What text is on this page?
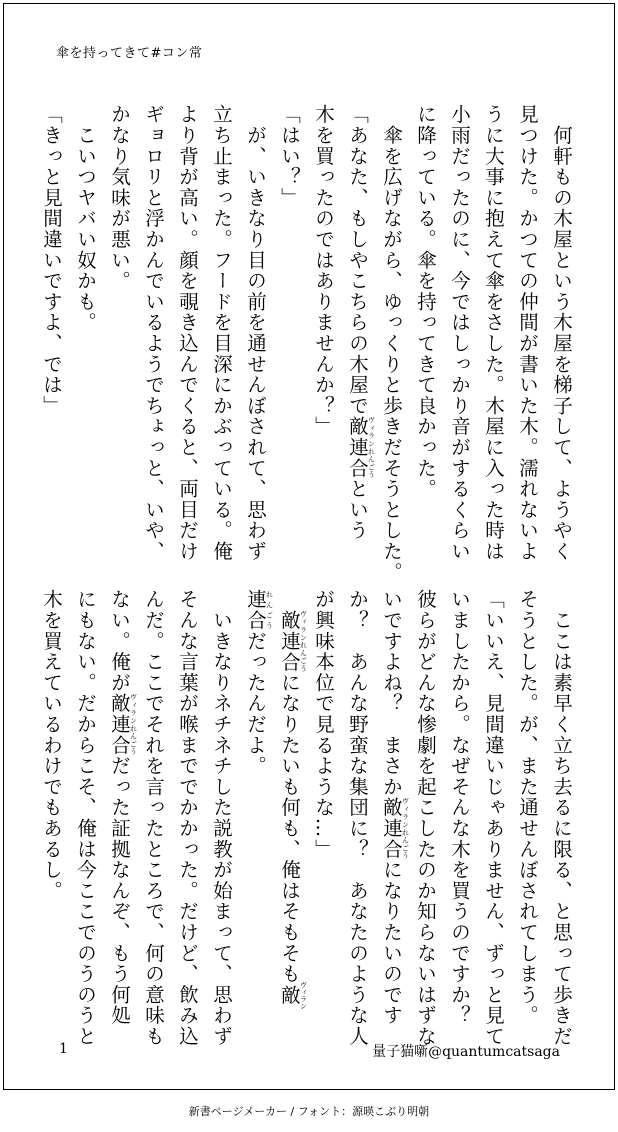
傘を持ってきて#コン常
　何軒もの木屋という木屋を梯子して、ようやく
見つけた。かつての仲間が書いた木。濡れないよ
うに大事に抱えて傘をさした。木屋に入った時は
小雨だったのに、今ではしっかり音がするくらい
に降っている。傘を持ってきて良かった。
　傘を広げながら、ゆっくりと歩きだそうとした。
「あなた、もしやこちらの木屋で敵連合ヴィランれんごうという
木を買ったのではありませんか？」
「はい？」
　が、いきなり目の前を通せんぼされて、思わず
立ち止まった。フードを目深にかぶっている。俺
より背が高い。顔を覗き込んでくると、両目だけ
ギョロリと浮かんでいるようでちょっと、いや、
かなり気味が悪い。
　こいつヤバい奴かも。
「きっと見間違いですよ、では」
　ここは素早く立ち去るに限る、と思って歩きだ
そうとした。が、また通せんぼされてしまう。
「いいえ、見間違いじゃありません、ずっと見て
いましたから。なぜそんな木を買うのですか？
彼らがどんな惨劇を起こしたのか知らないはずな
いですよね？　まさか敵連合ヴィランれんごうになりたいのです
か？　あんな野蛮な集団に？　あなたのような人
が興味本位で見るような…」
　敵連合ヴィランれんごうになりたいも何も、俺はそもそも敵ヴィラン
連合れんごうだったんだよ。
　いきなりネチネチした説教が始まって、思わず
そんな言葉が喉まででかかった。だけど、飲み込
んだ。ここでそれを言ったところで、何の意味も
ない。俺が敵連合ヴィランれんごうだった証拠なんぞ、もう何処
にもない。だからこそ、俺は今ここでのうのうと
木を買えているわけでもあるし。
1	量子猫噺@quantumcatsaga
新書ページメーカー / フォント：源暎こぶり明朝
